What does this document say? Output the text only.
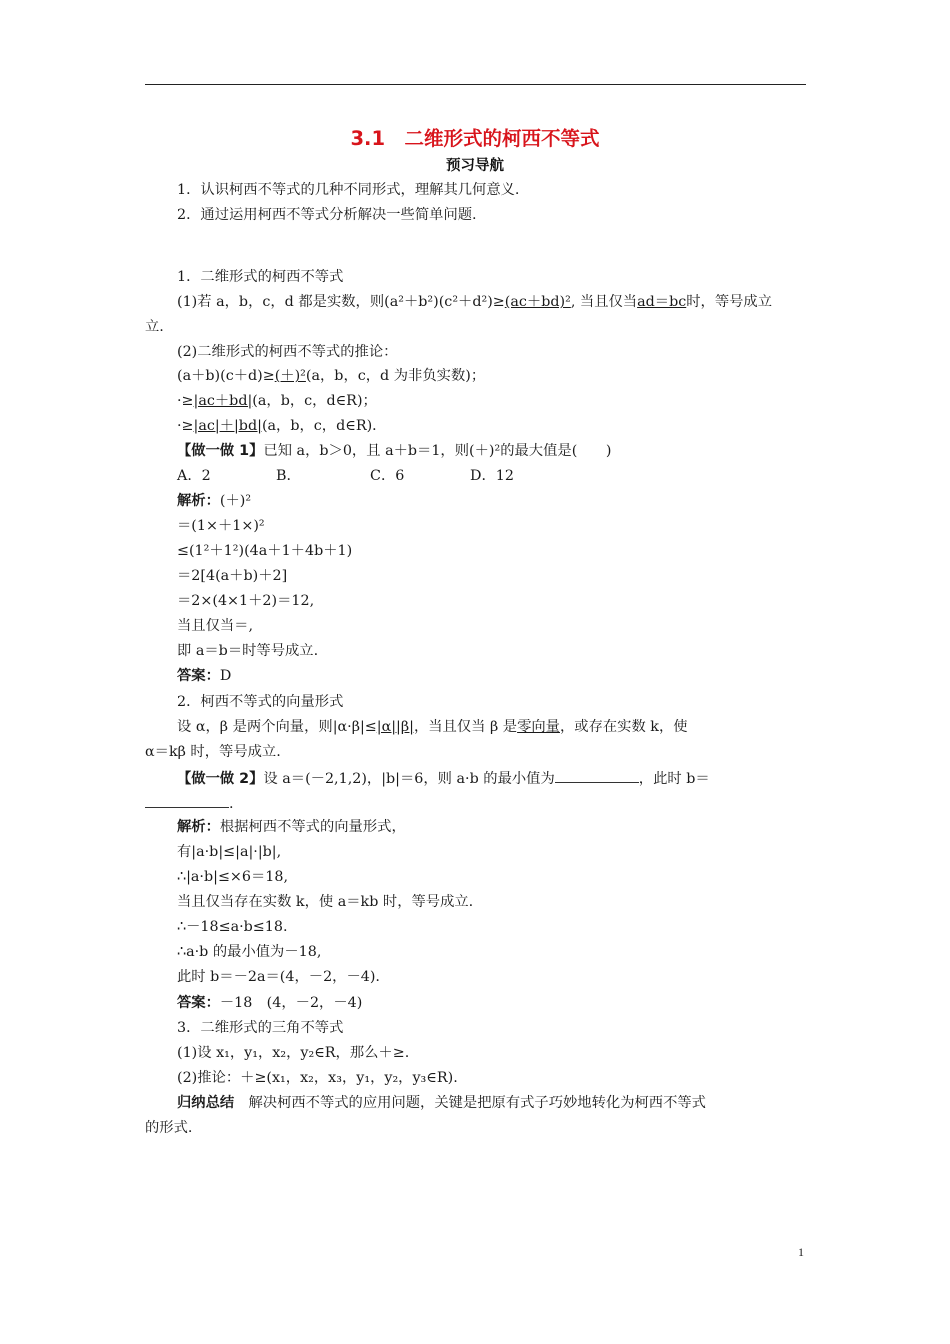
3.1　二维形式的柯西不等式
预习导航
1．认识柯西不等式的几种不同形式，理解其几何意义.
2．通过运用柯西不等式分析解决一些简单问题.
1．二维形式的柯西不等式
(1)若 a，b，c，d 都是实数，则(a²＋b²)(c²＋d²)≥(ac＋bd)², 当且仅当ad＝bc时，等号成立
立.
(2)二维形式的柯西不等式的推论：
(a＋b)(c＋d)≥(＋)²(a，b，c，d 为非负实数)；
·≥|ac＋bd|(a，b，c，d∈R)；
·≥|ac|＋|bd|(a，b，c，d∈R)．
【做一做 1】已知 a，b＞0，且 a＋b＝1，则(＋)²的最大值是(　　)
A．2	B．	C．6	D．12
解析：(＋)²
＝(1×＋1×)²
≤(1²＋1²)(4a＋1＋4b＋1)
＝2[4(a＋b)＋2]
＝2×(4×1＋2)＝12,
当且仅当＝,
即 a＝b＝时等号成立.
答案：D
2．柯西不等式的向量形式
设 α，β 是两个向量，则|α·β|≤|α||β|，当且仅当 β 是零向量，或存在实数 k，使
α＝kβ 时，等号成立.
【做一做 2】设 a＝(－2,1,2)，|b|＝6，则 a·b 的最小值为	，此时 b＝
.
解析：根据柯西不等式的向量形式，
有|a·b|≤|a|·|b|,
∴|a·b|≤×6＝18,
当且仅当存在实数 k，使 a＝kb 时，等号成立.
∴－18≤a·b≤18.
∴a·b 的最小值为－18,
此时 b＝－2a＝(4，－2，－4).
答案：－18　(4，－2，－4)
3．二维形式的三角不等式
(1)设 x₁，y₁，x₂，y₂∈R，那么＋≥.
(2)推论：＋≥(x₁，x₂，x₃，y₁，y₂，y₃∈R).
归纳总结　解决柯西不等式的应用问题，关键是把原有式子巧妙地转化为柯西不等式
的形式.
1
